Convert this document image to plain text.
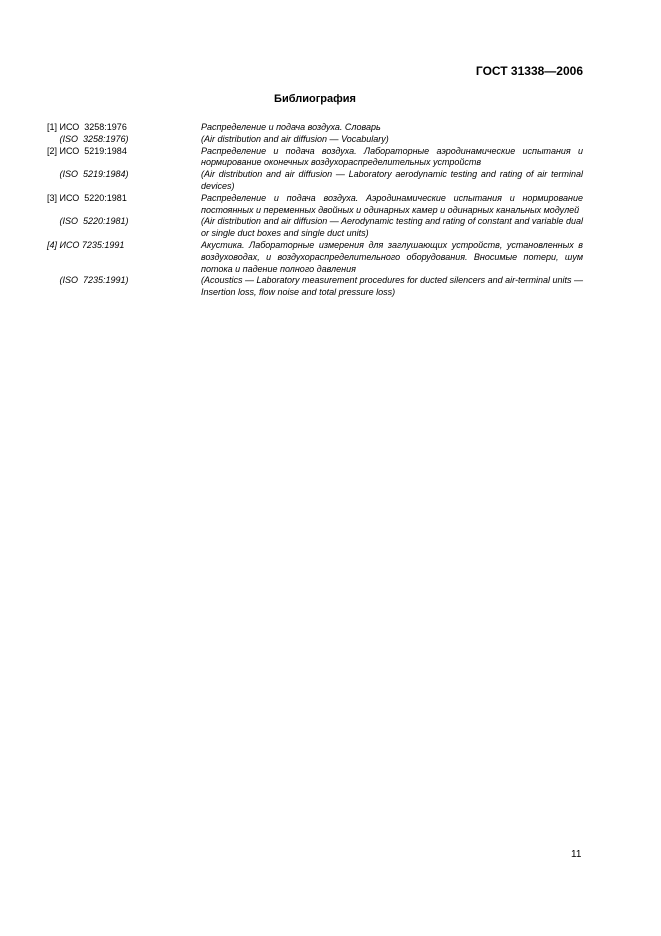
ГОСТ 31338—2006
Библиография
[1] ИСО  3258:1976	Распределение и подача воздуха. Словарь
(ISO  3258:1976)	(Air distribution and air diffusion — Vocabulary)
[2] ИСО  5219:1984	Распределение и подача воздуха. Лабораторные аэродинамические испытания и нормирование оконечных воздухораспределительных устройств
(ISO  5219:1984)	(Air distribution and air diffusion — Laboratory aerodynamic testing and rating of air terminal devices)
[3] ИСО  5220:1981	Распределение и подача воздуха. Аэродинамические испытания и нормирование постоянных и переменных двойных и одинарных камер и одинарных канальных модулей
(ISO  5220:1981)	(Air distribution and air diffusion — Aerodynamic testing and rating of constant and variable dual or single duct boxes and single duct units)
[4] ИСО 7235:1991	Акустика. Лабораторные измерения для заглушающих устройств, установленных в воздуховодах, и воздухораспределительного оборудования. Вносимые потери, шум потока и падение полного давления
(ISO  7235:1991)	(Acoustics — Laboratory measurement procedures for ducted silencers and air-terminal units — Insertion loss, flow noise and total pressure loss)
11
